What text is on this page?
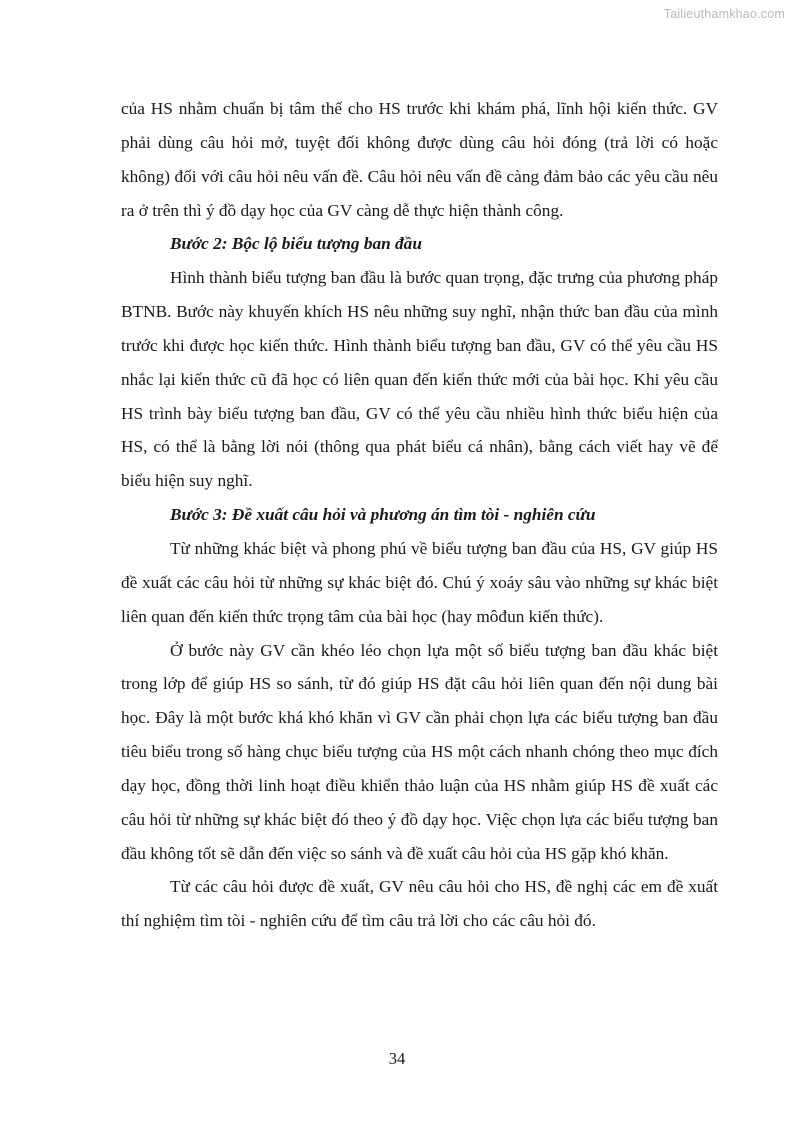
Tailieuthamkhao.com

của HS nhằm chuẩn bị tâm thế cho HS trước khi khám phá, lĩnh hội kiến thức. GV phải dùng câu hỏi mở, tuyệt đối không được dùng câu hỏi đóng (trả lời có hoặc không) đối với câu hỏi nêu vấn đề. Câu hỏi nêu vấn đề càng đảm bảo các yêu cầu nêu ra ở trên thì ý đồ dạy học của GV càng dễ thực hiện thành công.

Bước 2: Bộc lộ biểu tượng ban đầu

Hình thành biểu tượng ban đầu là bước quan trọng, đặc trưng của phương pháp BTNB. Bước này khuyến khích HS nêu những suy nghĩ, nhận thức ban đầu của mình trước khi được học kiến thức. Hình thành biểu tượng ban đầu, GV có thể yêu cầu HS nhắc lại kiến thức cũ đã học có liên quan đến kiến thức mới của bài học. Khi yêu cầu HS trình bày biểu tượng ban đầu, GV có thể yêu cầu nhiều hình thức biểu hiện của HS, có thể là bằng lời nói (thông qua phát biểu cá nhân), bằng cách viết hay vẽ để biểu hiện suy nghĩ.

Bước 3: Đề xuất câu hỏi và phương án tìm tòi - nghiên cứu

Từ những khác biệt và phong phú về biểu tượng ban đầu của HS, GV giúp HS đề xuất các câu hỏi từ những sự khác biệt đó. Chú ý xoáy sâu vào những sự khác biệt liên quan đến kiến thức trọng tâm của bài học (hay môđun kiến thức).

Ở bước này GV cần khéo léo chọn lựa một số biểu tượng ban đầu khác biệt trong lớp để giúp HS so sánh, từ đó giúp HS đặt câu hỏi liên quan đến nội dung bài học. Đây là một bước khá khó khăn vì GV cần phải chọn lựa các biểu tượng ban đầu tiêu biểu trong số hàng chục biểu tượng của HS một cách nhanh chóng theo mục đích dạy học, đồng thời linh hoạt điều khiển thảo luận của HS nhằm giúp HS đề xuất các câu hỏi từ những sự khác biệt đó theo ý đồ dạy học. Việc chọn lựa các biểu tượng ban đầu không tốt sẽ dẫn đến việc so sánh và đề xuất câu hỏi của HS gặp khó khăn.

Từ các câu hỏi được đề xuất, GV nêu câu hỏi cho HS, đề nghị các em đề xuất thí nghiệm tìm tòi - nghiên cứu để tìm câu trả lời cho các câu hỏi đó.

34
